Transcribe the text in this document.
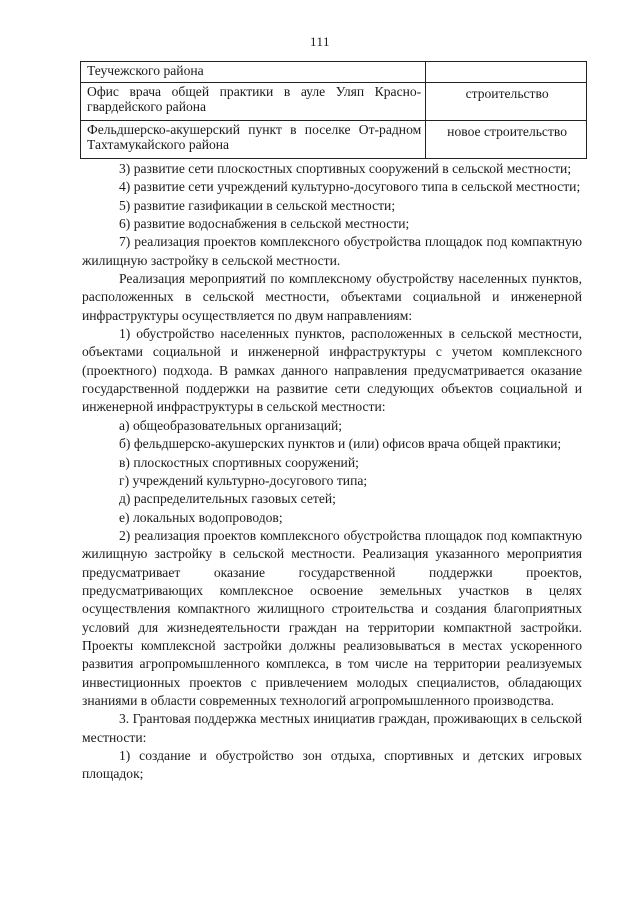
111
Теучежского района	
Офис врача общей практики в ауле Уляп Красно-гвардейского района	строительство
Фельдшерско-акушерский пункт в поселке От-радном Тахтамукайского района	новое строительство

3) развитие сети плоскостных спортивных сооружений в сельской местности;

4) развитие сети учреждений культурно-досугового типа в сельской местности;

5) развитие газификации в сельской местности;

6) развитие водоснабжения в сельской местности;

7) реализация проектов комплексного обустройства площадок под компактную жилищную застройку в сельской местности.

Реализация мероприятий по комплексному обустройству населенных пунктов, расположенных в сельской местности, объектами социальной и инженерной инфраструктуры осуществляется по двум направлениям:

1) обустройство населенных пунктов, расположенных в сельской местности, объектами социальной и инженерной инфраструктуры с учетом комплексного (проектного) подхода. В рамках данного направления предусматривается оказание государственной поддержки на развитие сети следующих объектов социальной и инженерной инфраструктуры в сельской местности:

а) общеобразовательных организаций;

б) фельдшерско-акушерских пунктов и (или) офисов врача общей практики;

в) плоскостных спортивных сооружений;

г) учреждений культурно-досугового типа;

д) распределительных газовых сетей;

е) локальных водопроводов;

2) реализация проектов комплексного обустройства площадок под компактную жилищную застройку в сельской местности. Реализация указанного мероприятия предусматривает оказание государственной поддержки проектов, предусматривающих комплексное освоение земельных участков в целях осуществления компактного жилищного строительства и создания благоприятных условий для жизнедеятельности граждан на территории компактной застройки. Проекты комплексной застройки должны реализовываться в местах ускоренного развития агропромышленного комплекса, в том числе на территории реализуемых инвестиционных проектов с привлечением молодых специалистов, обладающих знаниями в области современных технологий агропромышленного производства.

3. Грантовая поддержка местных инициатив граждан, проживающих в сельской местности:

1) создание и обустройство зон отдыха, спортивных и детских игровых площадок;
